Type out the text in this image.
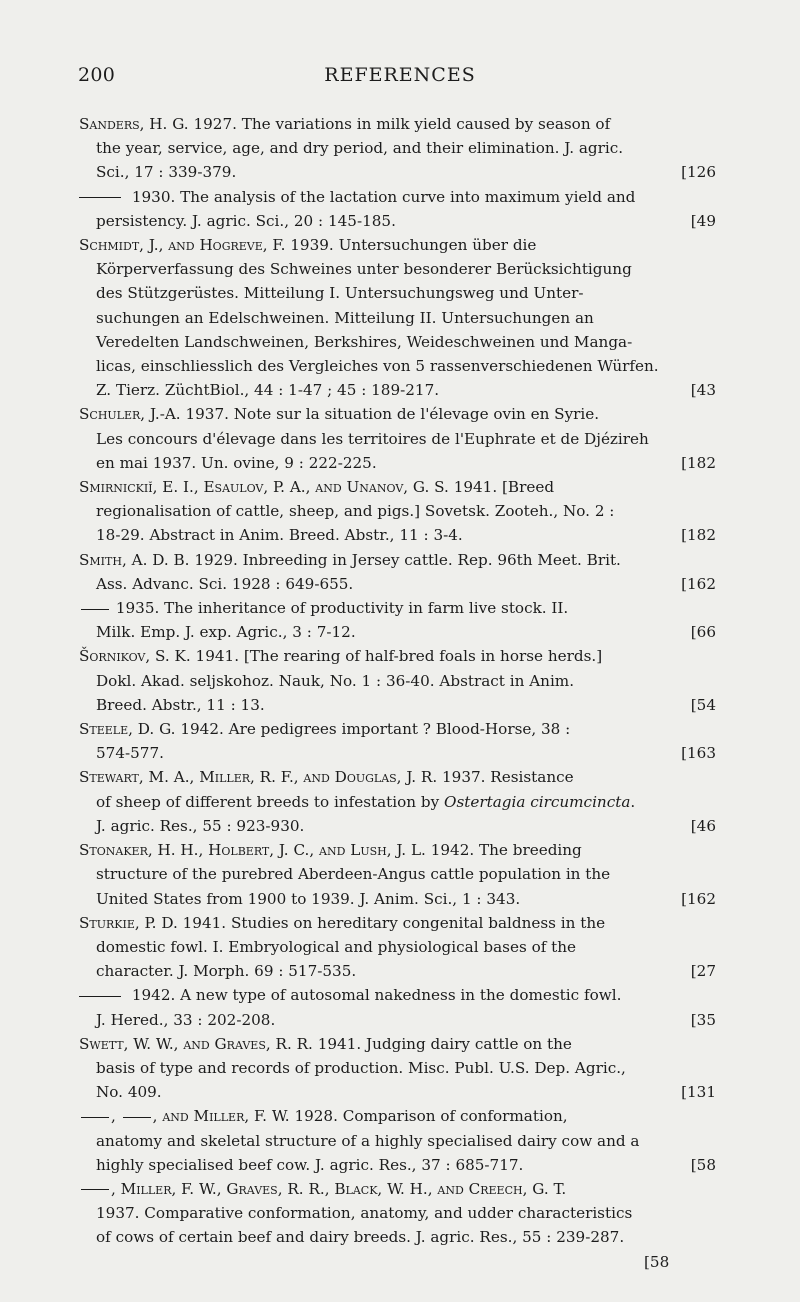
200	REFERENCES
Sanders, H. G. 1927. The variations in milk yield caused by season of
the year, service, age, and dry period, and their elimination. J. agric.
Sci., 17 : 339-379.	[126
1930. The analysis of the lactation curve into maximum yield and
persistency. J. agric. Sci., 20 : 145-185.	[49
Schmidt, J., and Hogreve, F. 1939. Untersuchungen über die
Körperverfassung des Schweines unter besonderer Berücksichtigung
des Stützgerüstes. Mitteilung I. Untersuchungsweg und Unter-
suchungen an Edelschweinen. Mitteilung II. Untersuchungen an
Veredelten Landschweinen, Berkshires, Weideschweinen und Manga-
licas, einschliesslich des Vergleiches von 5 rassenverschiedenen Würfen.
Z. Tierz. ZüchtBiol., 44 : 1-47 ; 45 : 189-217.	[43
Schuler, J.-A. 1937. Note sur la situation de l'élevage ovin en Syrie.
Les concours d'élevage dans les territoires de l'Euphrate et de Djézireh
en mai 1937. Un. ovine, 9 : 222-225.	[182
Smirnickiĭ, E. I., Esaulov, P. A., and Unanov, G. S. 1941. [Breed
regionalisation of cattle, sheep, and pigs.] Sovetsk. Zooteh., No. 2 :
18-29. Abstract in Anim. Breed. Abstr., 11 : 3-4.	[182
Smith, A. D. B. 1929. Inbreeding in Jersey cattle. Rep. 96th Meet. Brit.
Ass. Advanc. Sci. 1928 : 649-655.	[162
1935. The inheritance of productivity in farm live stock. II.
Milk. Emp. J. exp. Agric., 3 : 7-12.	[66
Šornikov, S. K. 1941. [The rearing of half-bred foals in horse herds.]
Dokl. Akad. seljskohoz. Nauk, No. 1 : 36-40. Abstract in Anim.
Breed. Abstr., 11 : 13.	[54
Steele, D. G. 1942. Are pedigrees important ? Blood-Horse, 38 :
574-577.	[163
Stewart, M. A., Miller, R. F., and Douglas, J. R. 1937. Resistance
of sheep of different breeds to infestation by Ostertagia circumcincta.
J. agric. Res., 55 : 923-930.	[46
Stonaker, H. H., Holbert, J. C., and Lush, J. L. 1942. The breeding
structure of the purebred Aberdeen-Angus cattle population in the
United States from 1900 to 1939. J. Anim. Sci., 1 : 343.	[162
Sturkie, P. D. 1941. Studies on hereditary congenital baldness in the
domestic fowl. I. Embryological and physiological bases of the
character. J. Morph. 69 : 517-535.	[27
1942. A new type of autosomal nakedness in the domestic fowl.
J. Hered., 33 : 202-208.	[35
Swett, W. W., and Graves, R. R. 1941. Judging dairy cattle on the
basis of type and records of production. Misc. Publ. U.S. Dep. Agric.,
No. 409.	[131
, , and Miller, F. W. 1928. Comparison of conformation,
anatomy and skeletal structure of a highly specialised dairy cow and a
highly specialised beef cow. J. agric. Res., 37 : 685-717.	[58
, Miller, F. W., Graves, R. R., Black, W. H., and Creech, G. T.
1937. Comparative conformation, anatomy, and udder characteristics
of cows of certain beef and dairy breeds. J. agric. Res., 55 : 239-287.
[58
